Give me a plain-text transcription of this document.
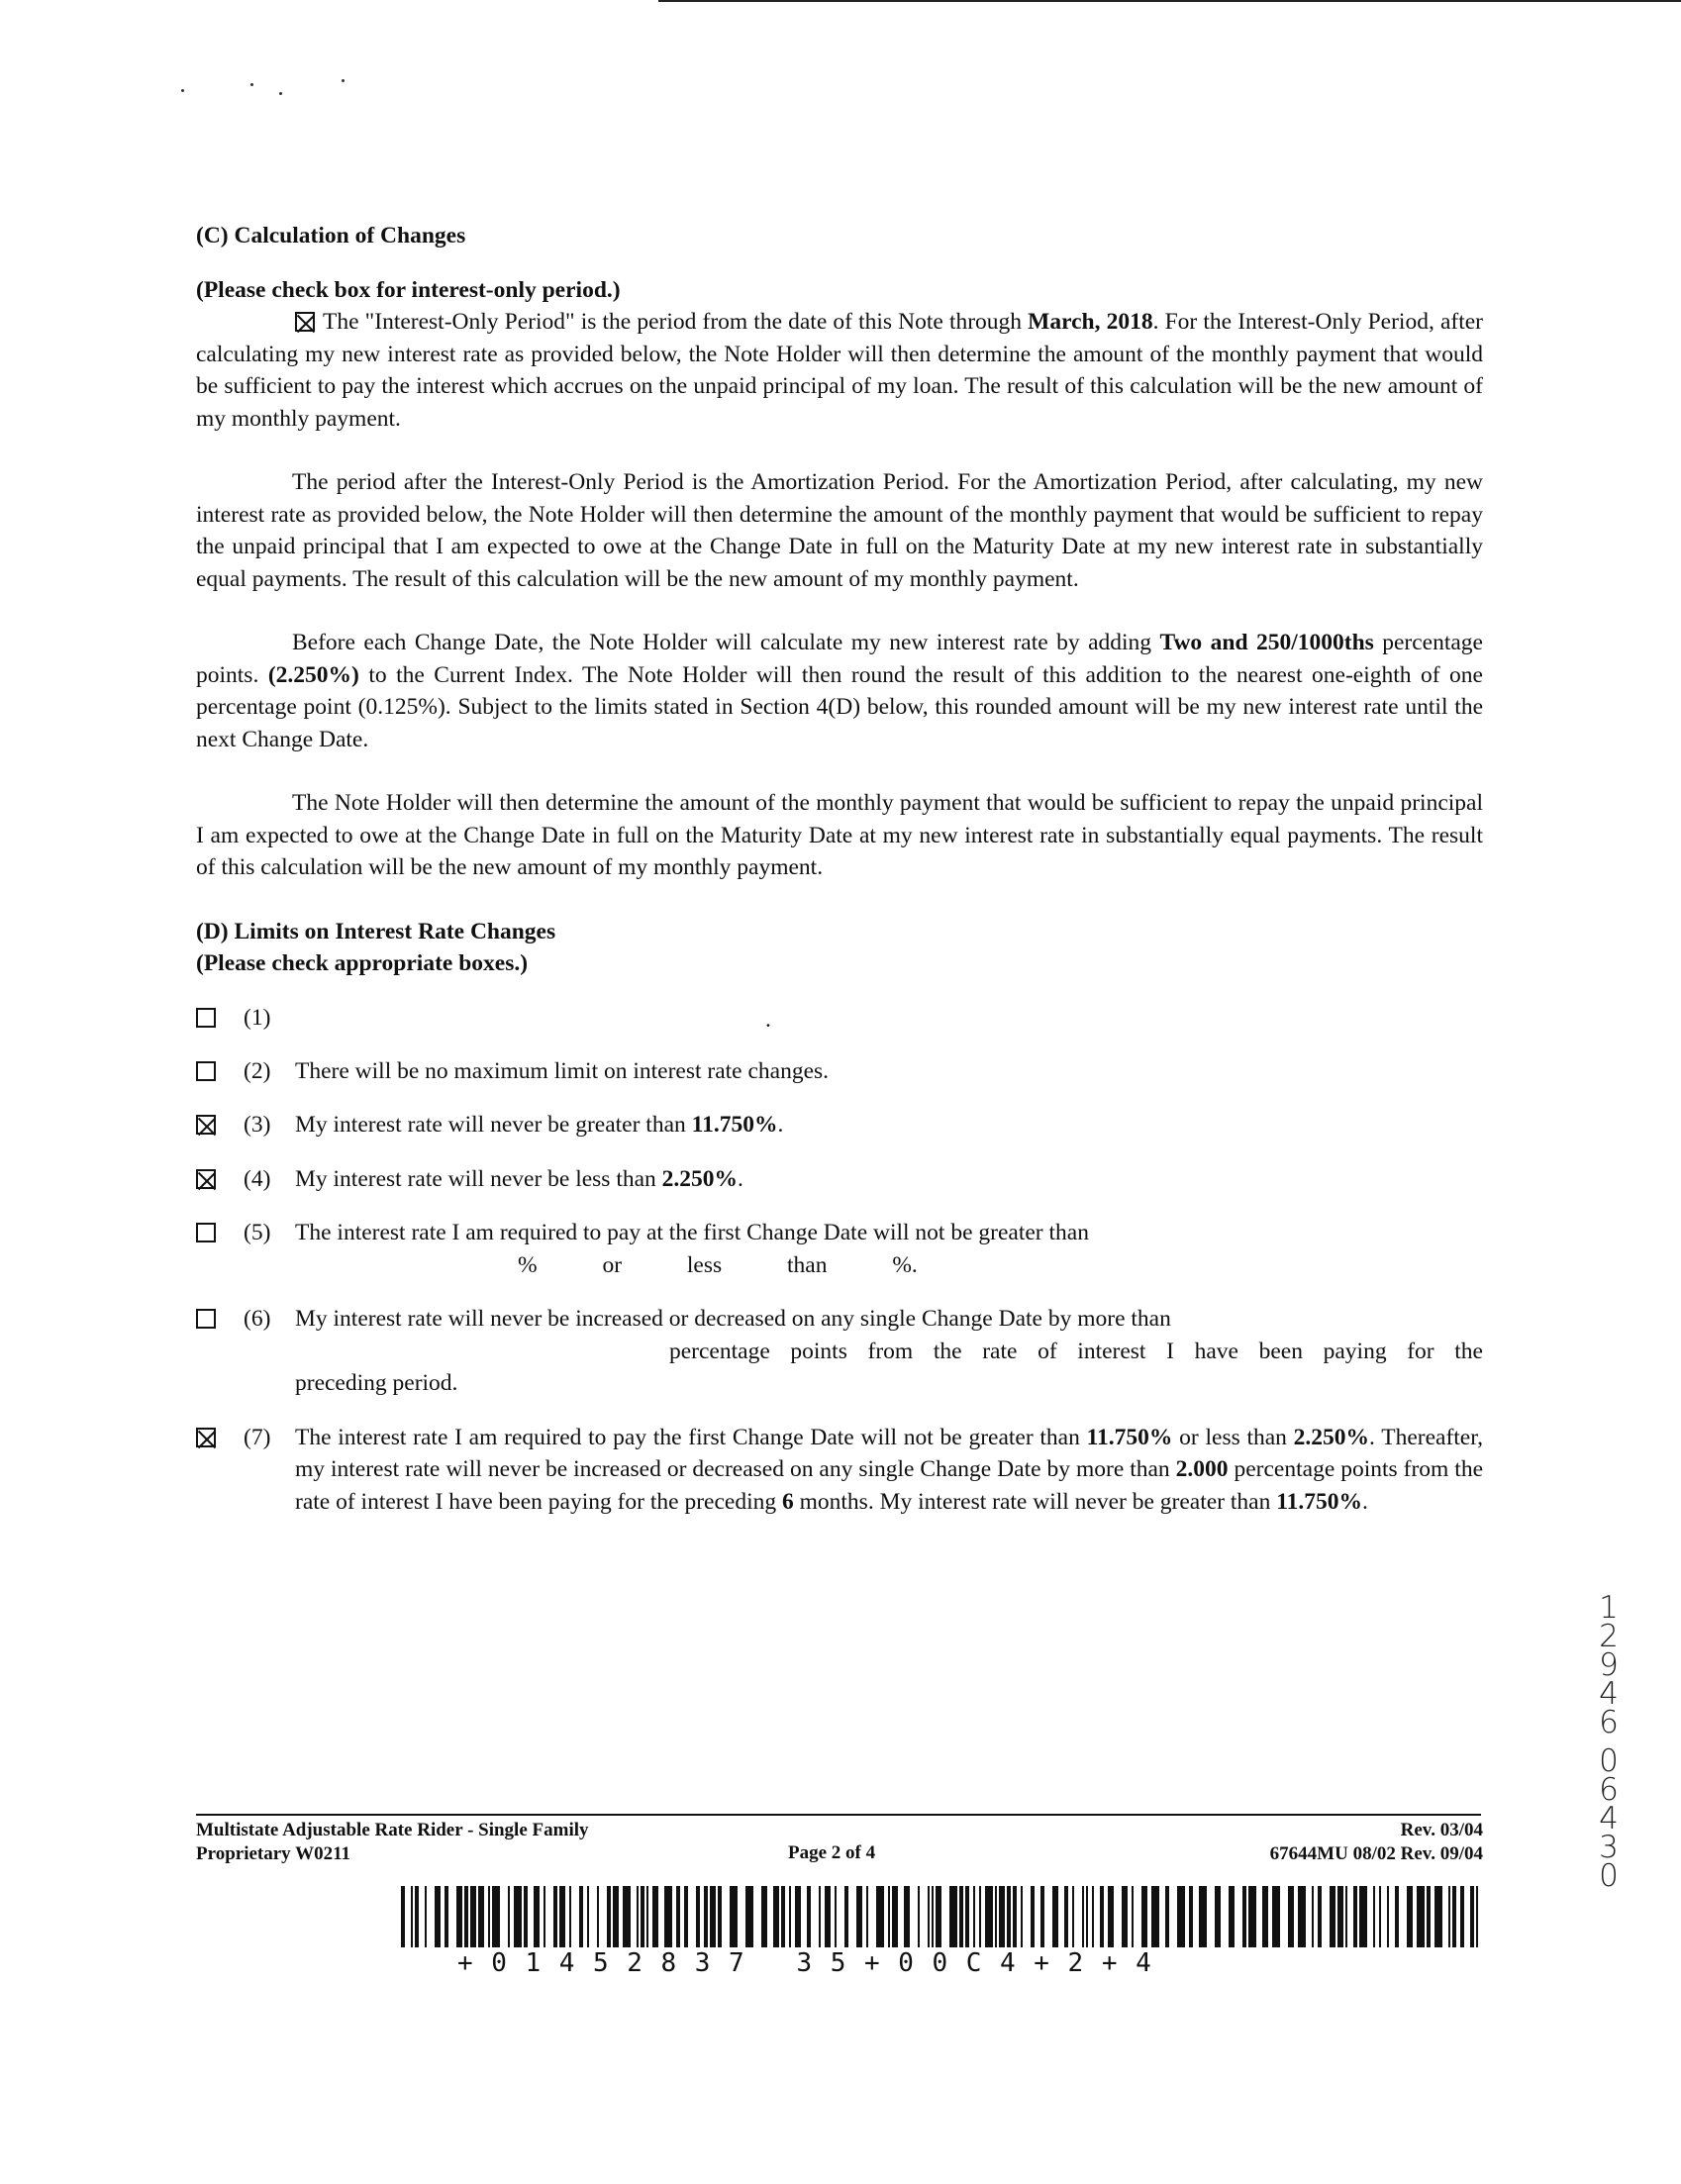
(C) Calculation of Changes
(Please check box for interest-only period.)

The "Interest-Only Period" is the period from the date of this Note through March, 2018. For the Interest-Only Period, after calculating my new interest rate as provided below, the Note Holder will then determine the amount of the monthly payment that would be sufficient to pay the interest which accrues on the unpaid principal of my loan. The result of this calculation will be the new amount of my monthly payment.

The period after the Interest-Only Period is the Amortization Period. For the Amortization Period, after calculating, my new interest rate as provided below, the Note Holder will then determine the amount of the monthly payment that would be sufficient to repay the unpaid principal that I am expected to owe at the Change Date in full on the Maturity Date at my new interest rate in substantially equal payments. The result of this calculation will be the new amount of my monthly payment.

Before each Change Date, the Note Holder will calculate my new interest rate by adding Two and 250/1000ths percentage points. (2.250%) to the Current Index. The Note Holder will then round the result of this addition to the nearest one-eighth of one percentage point (0.125%). Subject to the limits stated in Section 4(D) below, this rounded amount will be my new interest rate until the next Change Date.

The Note Holder will then determine the amount of the monthly payment that would be sufficient to repay the unpaid principal I am expected to owe at the Change Date in full on the Maturity Date at my new interest rate in substantially equal payments. The result of this calculation will be the new amount of my monthly payment.

(D) Limits on Interest Rate Changes
(Please check appropriate boxes.)
(1)	.
(2) There will be no maximum limit on interest rate changes.
(3) My interest rate will never be greater than 11.750%.
(4) My interest rate will never be less than 2.250%.
(5) The interest rate I am required to pay at the first Change Date will not be greater than
% or less than %.
(6) My interest rate will never be increased or decreased on any single Change Date by more than
percentage points from the rate of interest I have been paying for the
preceding period.
(7) The interest rate I am required to pay the first Change Date will not be greater than 11.750% or less than 2.250%. Thereafter, my interest rate will never be increased or decreased on any single Change Date by more than 2.000 percentage points from the rate of interest I have been paying for the preceding 6 months. My interest rate will never be greater than 11.750%.
1
2
9
4
6
0
6
4
3
0
Multistate Adjustable Rate Rider - Single Family
Proprietary W0211	Page 2 of 4
Rev. 03/04
67644MU 08/02 Rev. 09/04
+01452837 35+00C4+2+4
